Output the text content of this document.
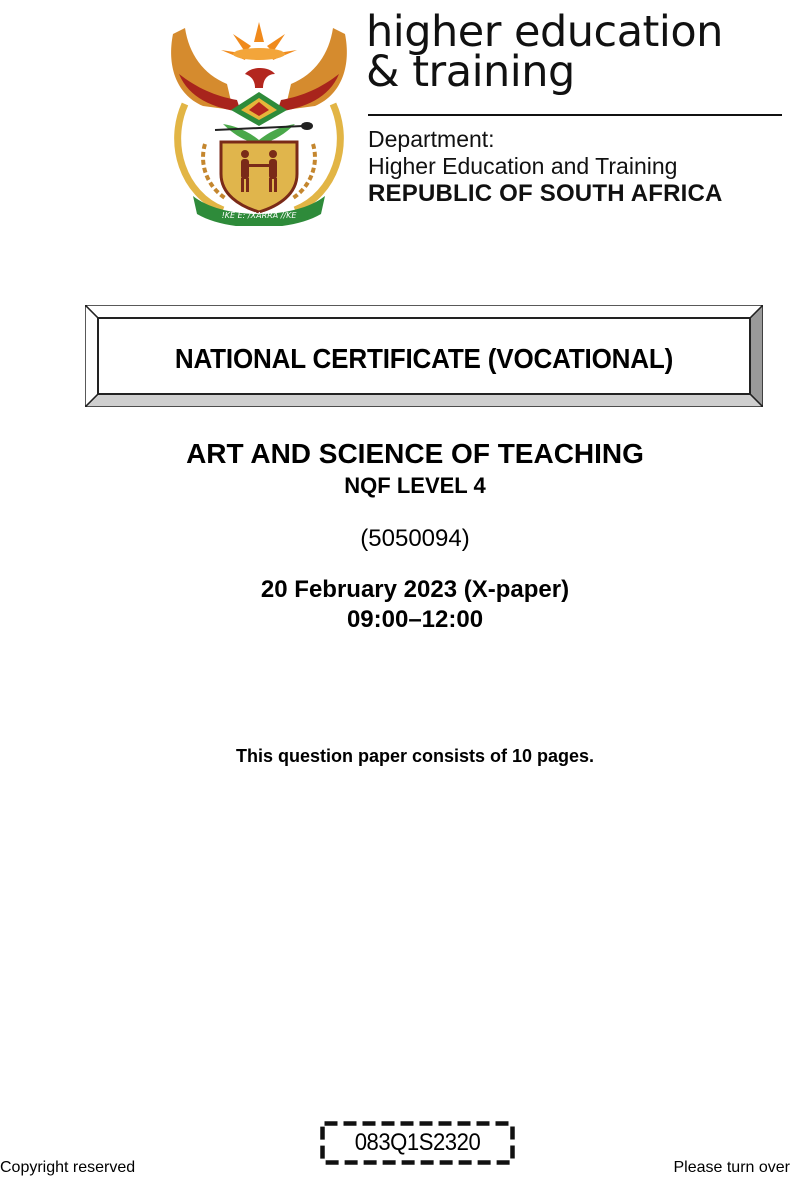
!KE E: /XARRA //KE
higher education
& training
Department:
Higher Education and Training
REPUBLIC OF SOUTH AFRICA
NATIONAL CERTIFICATE (VOCATIONAL)
ART AND SCIENCE OF TEACHING
NQF LEVEL 4
(5050094)
20 February 2023 (X-paper)
09:00–12:00
This question paper consists of 10 pages.
083Q1S2320
Copyright reserved	Please turn over
